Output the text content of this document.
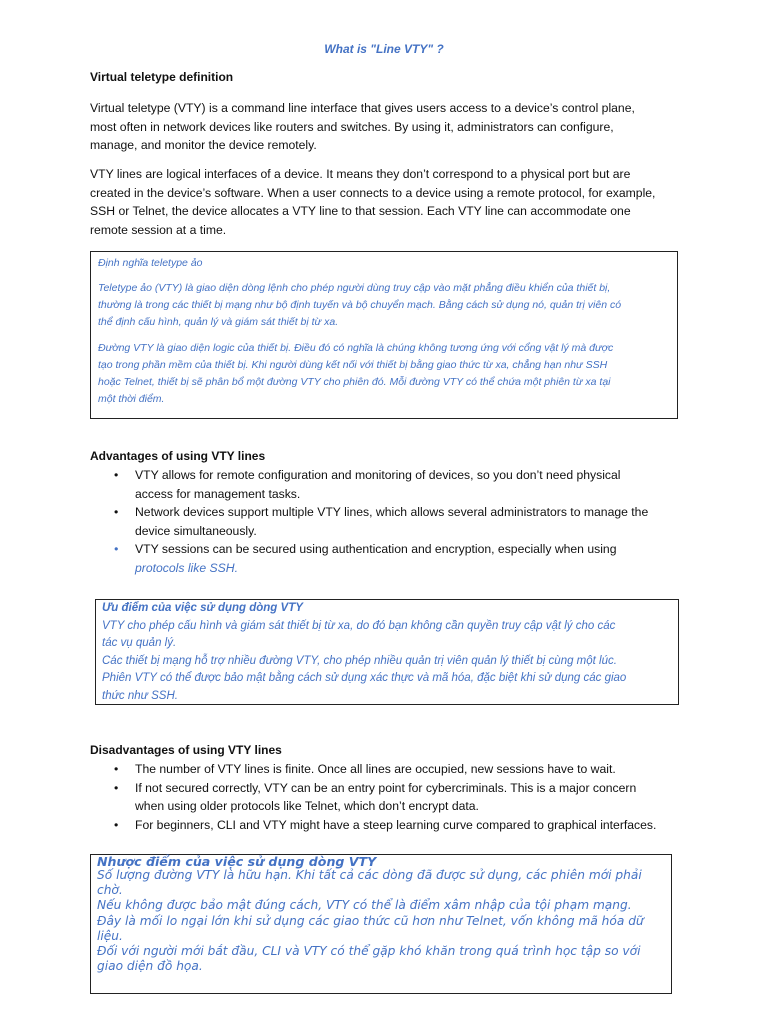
What is "Line VTY" ?
Virtual teletype definition
Virtual teletype (VTY) is a command line interface that gives users access to a device’s control plane,
most often in network devices like routers and switches. By using it, administrators can configure,
manage, and monitor the device remotely.
VTY lines are logical interfaces of a device. It means they don’t correspond to a physical port but are
created in the device’s software. When a user connects to a device using a remote protocol, for example,
SSH or Telnet, the device allocates a VTY line to that session. Each VTY line can accommodate one
remote session at a time.

Định nghĩa teletype ảo

Teletype ảo (VTY) là giao diện dòng lệnh cho phép người dùng truy cập vào mặt phẳng điều khiển của thiết bị,
thường là trong các thiết bị mạng như bộ định tuyến và bộ chuyển mạch. Bằng cách sử dụng nó, quản trị viên có
thể định cấu hình, quản lý và giám sát thiết bị từ xa.

Đường VTY là giao diện logic của thiết bị. Điều đó có nghĩa là chúng không tương ứng với cổng vật lý mà được
tạo trong phần mềm của thiết bị. Khi người dùng kết nối với thiết bị bằng giao thức từ xa, chẳng hạn như SSH
hoặc Telnet, thiết bị sẽ phân bổ một đường VTY cho phiên đó. Mỗi đường VTY có thể chứa một phiên từ xa tại
một thời điểm.

Advantages of using VTY lines
• VTY allows for remote configuration and monitoring of devices, so you don’t need physical
access for management tasks.
• Network devices support multiple VTY lines, which allows several administrators to manage the
device simultaneously.
• VTY sessions can be secured using authentication and encryption, especially when using
protocols like SSH.
Ưu điểm của việc sử dụng dòng VTY
VTY cho phép cấu hình và giám sát thiết bị từ xa, do đó bạn không cần quyền truy cập vật lý cho các
tác vụ quản lý.
Các thiết bị mạng hỗ trợ nhiều đường VTY, cho phép nhiều quản trị viên quản lý thiết bị cùng một lúc.
Phiên VTY có thể được bảo mật bằng cách sử dụng xác thực và mã hóa, đặc biệt khi sử dụng các giao
thức như SSH.
Disadvantages of using VTY lines
• The number of VTY lines is finite. Once all lines are occupied, new sessions have to wait.
• If not secured correctly, VTY can be an entry point for cybercriminals. This is a major concern
when using older protocols like Telnet, which don’t encrypt data.
• For beginners, CLI and VTY might have a steep learning curve compared to graphical interfaces.
Nhược điểm của việc sử dụng dòng VTY
Số lượng đường VTY là hữu hạn. Khi tất cả các dòng đã được sử dụng, các phiên mới phải
chờ.
Nếu không được bảo mật đúng cách, VTY có thể là điểm xâm nhập của tội phạm mạng.
Đây là mối lo ngại lớn khi sử dụng các giao thức cũ hơn như Telnet, vốn không mã hóa dữ
liệu.
Đối với người mới bắt đầu, CLI và VTY có thể gặp khó khăn trong quá trình học tập so với
giao diện đồ họa.
